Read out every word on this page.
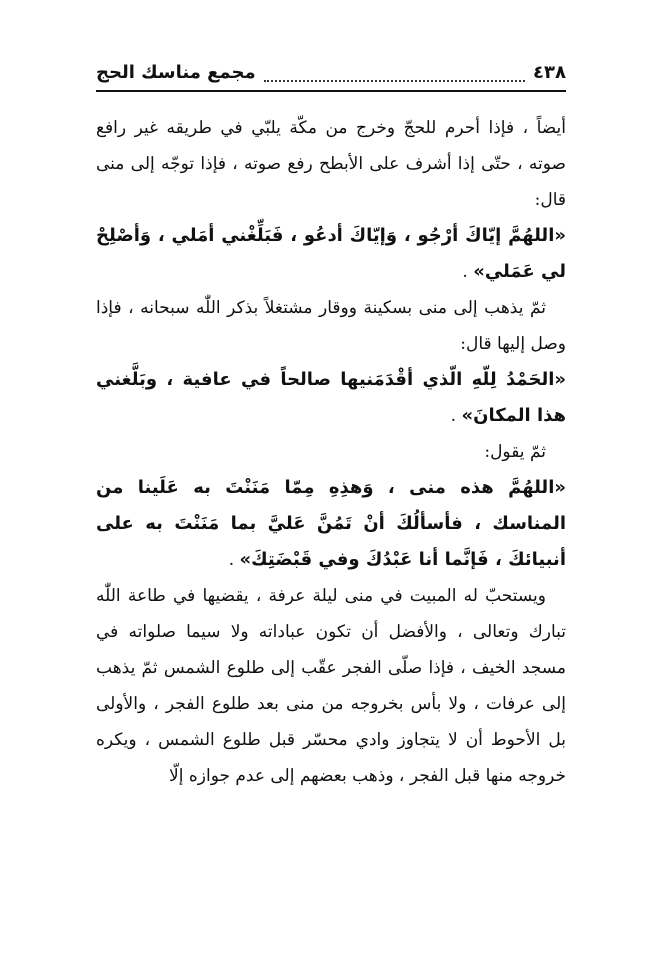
٤٣٨
مجمع مناسك الحج

أيضاً ، فإذا أحرم للحجّ وخرج من مكّة يلبّي في طريقه غير رافع صوته ، حتّى إذا أشرف على الأبطح رفع صوته ، فإذا توجّه إلى منى قال:

«اللهُمَّ إيّاكَ أرْجُو ، وَإيّاكَ أدعُو ، فَبَلِّغْني أمَلي ، وَأصْلِحْ لي عَمَلي» .

ثمّ يذهب إلى منى بسكينة ووقار مشتغلاً بذكر اللّٰه سبحانه ، فإذا وصل إليها قال:

«الحَمْدُ لِلّهِ الّذي أقْدَمَنيها صالحاً في عافية ، وبَلَّغني هذا المكانَ» .

ثمّ يقول:

«اللهُمَّ هذه منى ، وَهذِهِ مِمّا مَنَنْتَ به عَلَينا من المناسك ، فأسألُكَ أنْ تَمُنَّ عَليَّ بما مَنَنْتَ به على أنبيائكَ ، فَإنَّما أنا عَبْدُكَ وفي قَبْضَتِكَ» .

ويستحبّ له المبيت في منى ليلة عرفة ، يقضيها في طاعة اللّٰه تبارك وتعالى ، والأفضل أن تكون عباداته ولا سيما صلواته في مسجد الخيف ، فإذا صلّى الفجر عقّب إلى طلوع الشمس ثمّ يذهب إلى عرفات ، ولا بأس بخروجه من منى بعد طلوع الفجر ، والأولى بل الأحوط أن لا يتجاوز وادي محسّر قبل طلوع الشمس ، ويكره خروجه منها قبل الفجر ، وذهب بعضهم إلى عدم جوازه إلّا
